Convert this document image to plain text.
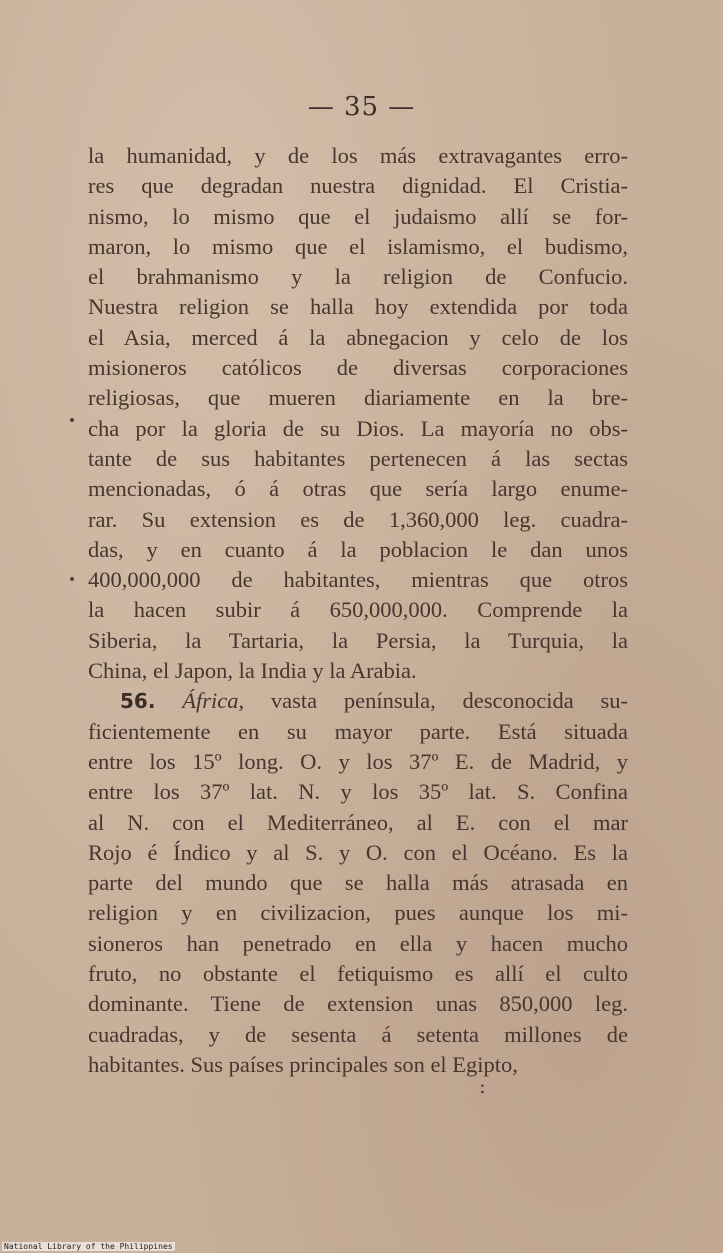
— 35 —
la humanidad, y de los más extravagantes erro-
res que degradan nuestra dignidad. El Cristia-
nismo, lo mismo que el judaismo allí se for-
maron, lo mismo que el islamismo, el budismo,
el brahmanismo y la religion de Confucio.
Nuestra religion se halla hoy extendida por toda
el Asia, merced á la abnegacion y celo de los
misioneros católicos de diversas corporaciones
religiosas, que mueren diariamente en la bre-
cha por la gloria de su Dios. La mayoría no obs-
tante de sus habitantes pertenecen á las sectas
mencionadas, ó á otras que sería largo enume-
rar. Su extension es de 1,360,000 leg. cuadra-
das, y en cuanto á la poblacion le dan unos
400,000,000 de habitantes, mientras que otros
la hacen subir á 650,000,000. Comprende la
Siberia, la Tartaria, la Persia, la Turquia, la
China, el Japon, la India y la Arabia.
56. África, vasta península, desconocida su-
ficientemente en su mayor parte. Está situada
entre los 15º long. O. y los 37º E. de Madrid, y
entre los 37º lat. N. y los 35º lat. S. Confina
al N. con el Mediterráneo, al E. con el mar
Rojo é Índico y al S. y O. con el Océano. Es la
parte del mundo que se halla más atrasada en
religion y en civilizacion, pues aunque los mi-
sioneros han penetrado en ella y hacen mucho
fruto, no obstante el fetiquismo es allí el culto
dominante. Tiene de extension unas 850,000 leg.
cuadradas, y de sesenta á setenta millones de
habitantes. Sus países principales son el Egipto,
:
National Library of the Philippines
